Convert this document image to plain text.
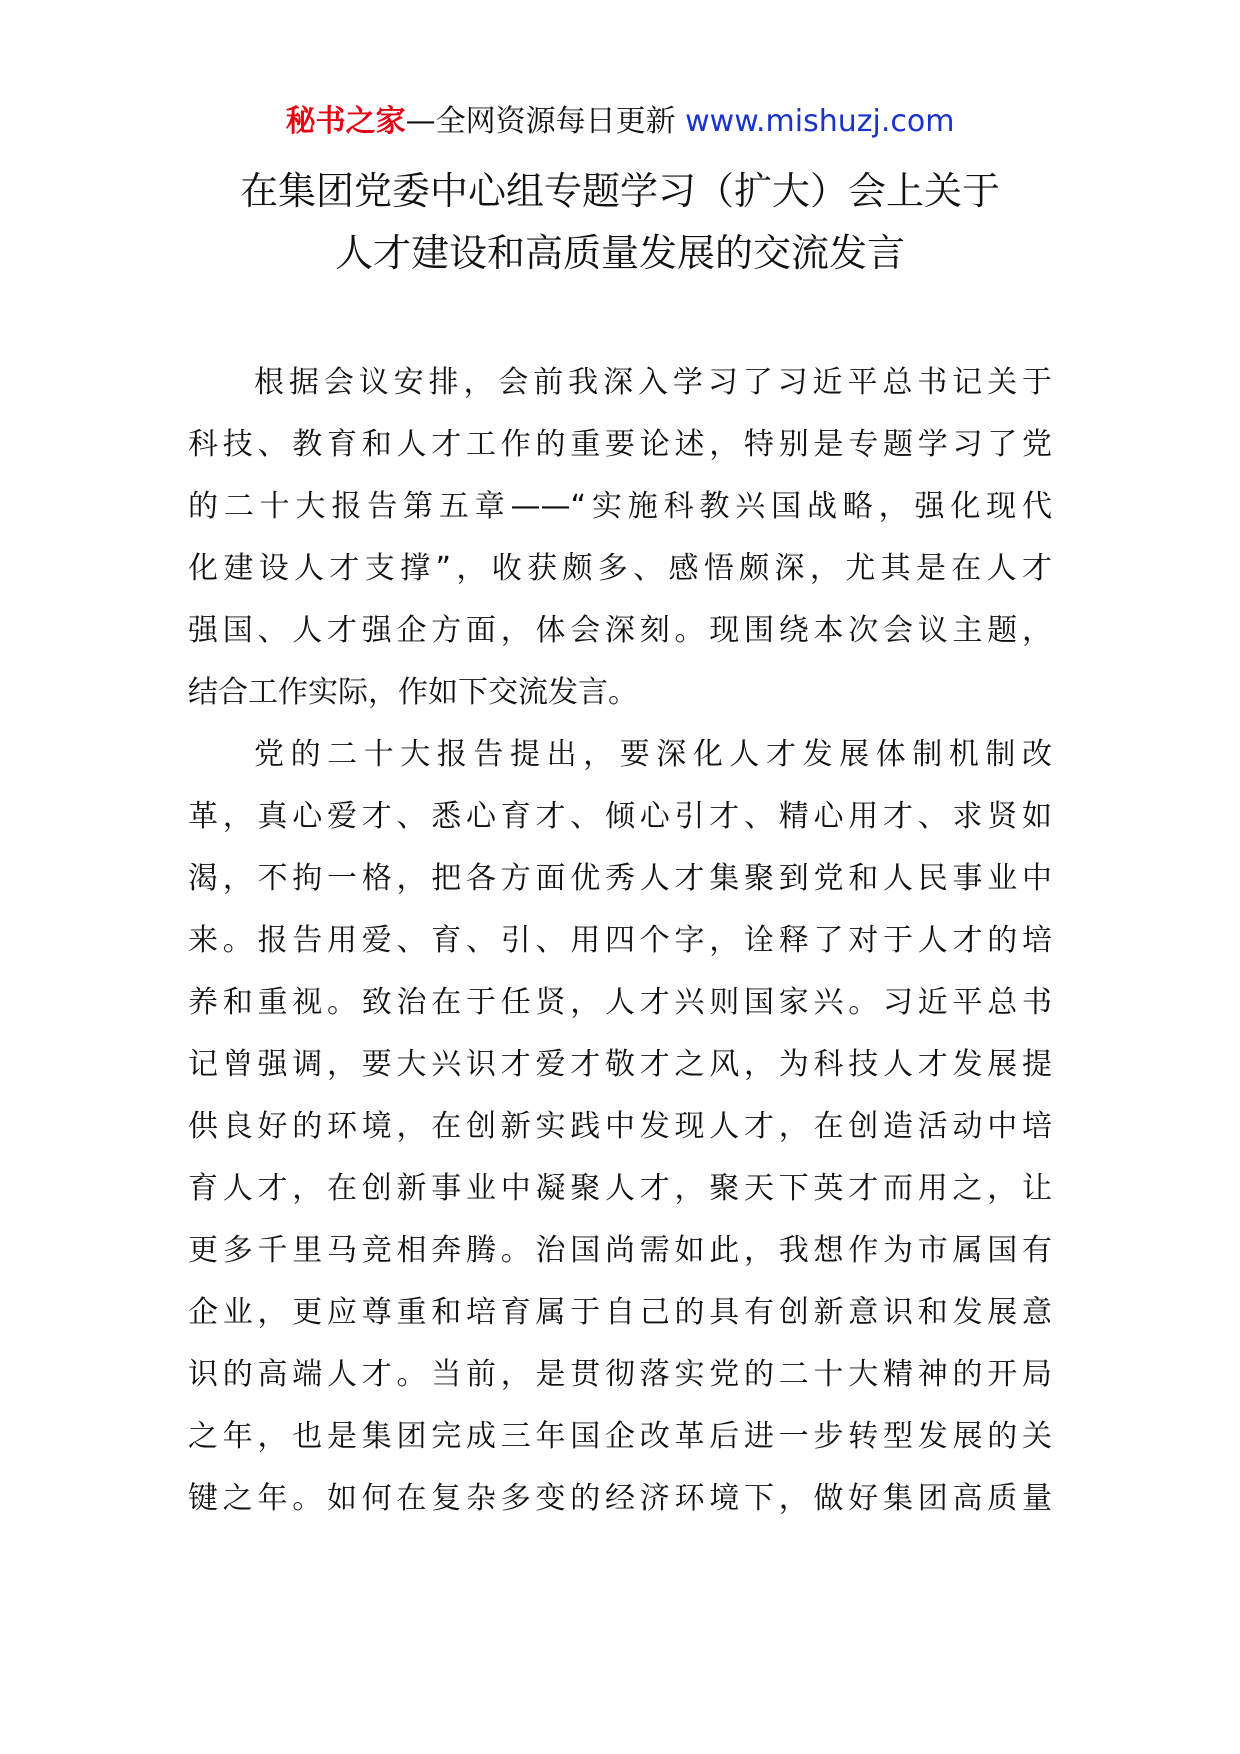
秘书之家—全网资源每日更新 www.mishuzj.com
在集团党委中心组专题学习（扩大）会上关于
人才建设和高质量发展的交流发言
根据会议安排，会前我深入学习了习近平总书记关于
科技、教育和人才工作的重要论述，特别是专题学习了党
的二十大报告第五章——“实施科教兴国战略，强化现代
化建设人才支撑”，收获颇多、感悟颇深，尤其是在人才
强国、人才强企方面，体会深刻。现围绕本次会议主题，
结合工作实际，作如下交流发言。
党的二十大报告提出，要深化人才发展体制机制改
革，真心爱才、悉心育才、倾心引才、精心用才、求贤如
渴，不拘一格，把各方面优秀人才集聚到党和人民事业中
来。报告用爱、育、引、用四个字，诠释了对于人才的培
养和重视。致治在于任贤，人才兴则国家兴。习近平总书
记曾强调，要大兴识才爱才敬才之风，为科技人才发展提
供良好的环境，在创新实践中发现人才，在创造活动中培
育人才，在创新事业中凝聚人才，聚天下英才而用之，让
更多千里马竞相奔腾。治国尚需如此，我想作为市属国有
企业，更应尊重和培育属于自己的具有创新意识和发展意
识的高端人才。当前，是贯彻落实党的二十大精神的开局
之年，也是集团完成三年国企改革后进一步转型发展的关
键之年。如何在复杂多变的经济环境下，做好集团高质量
